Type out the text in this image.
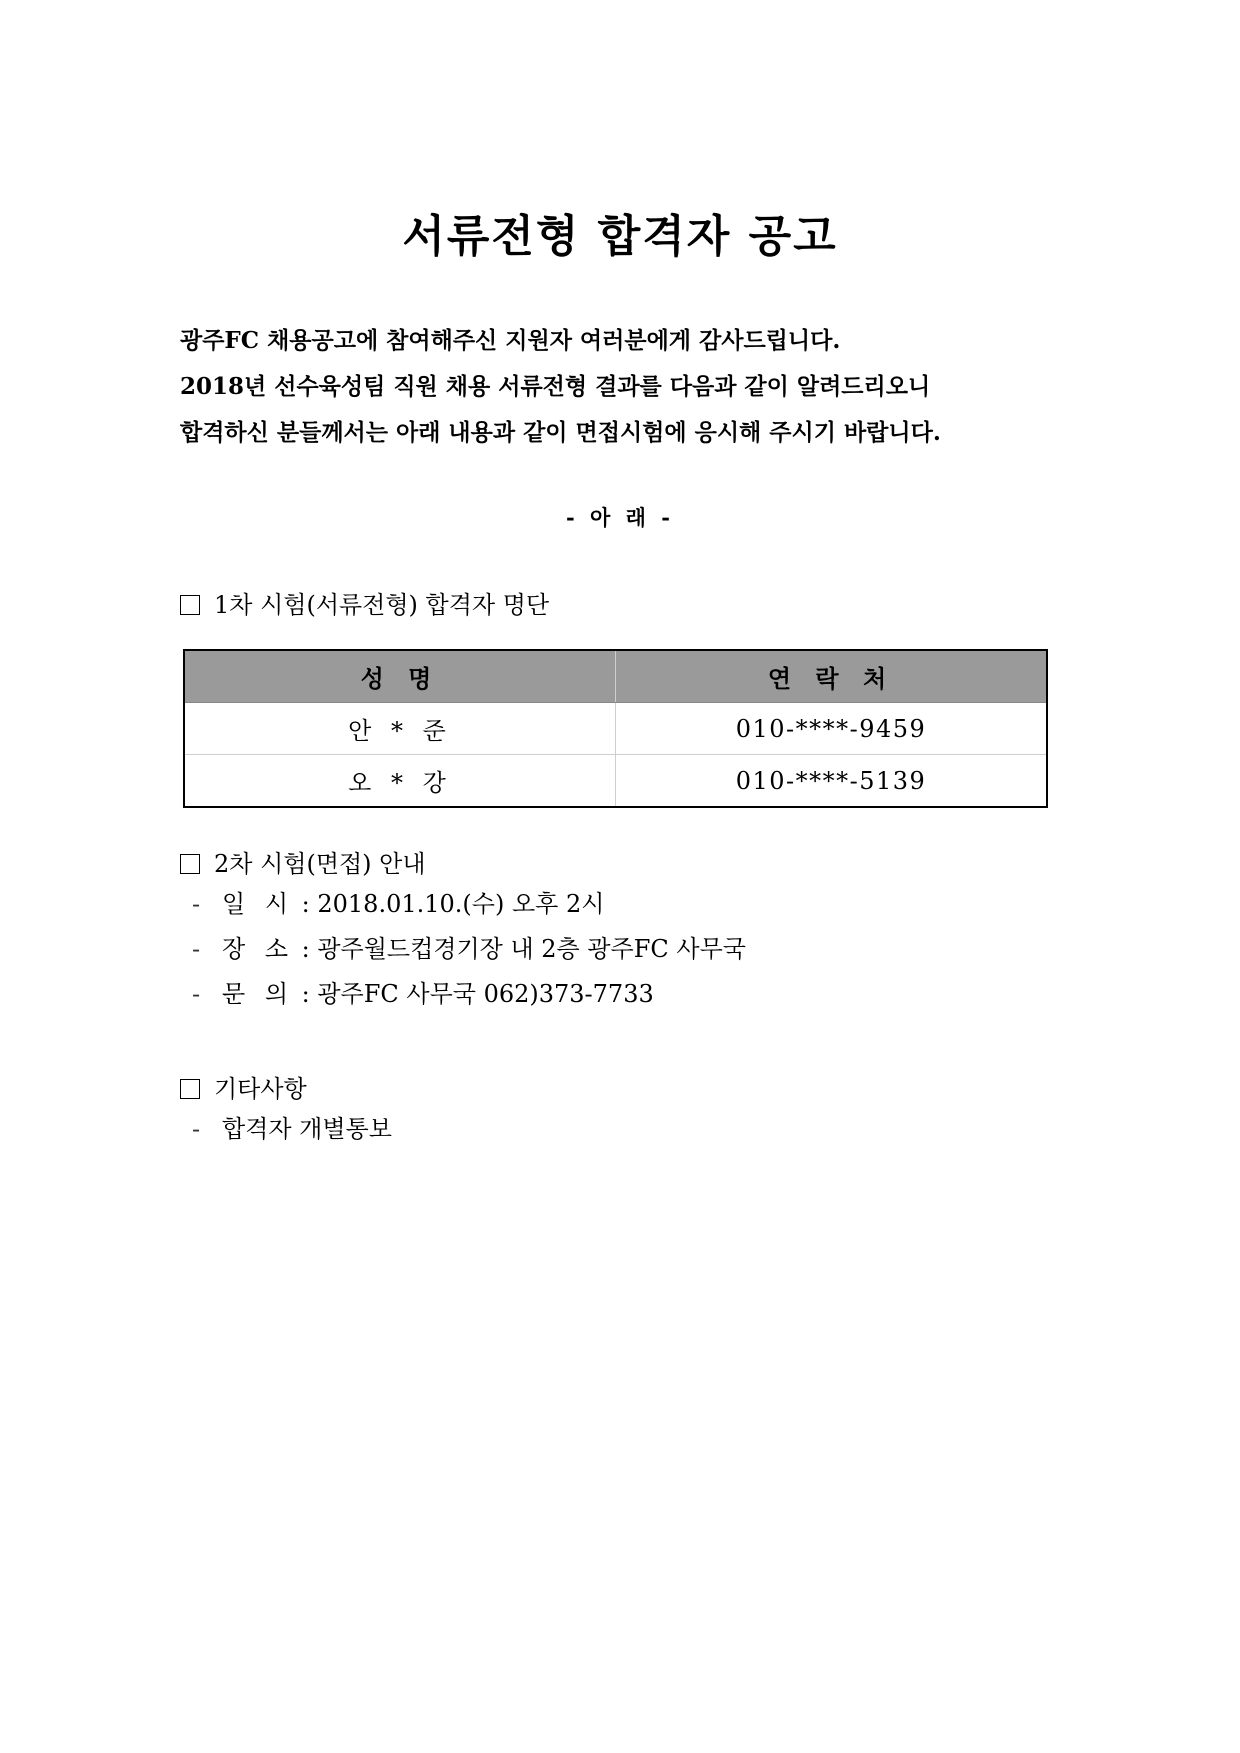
서류전형 합격자 공고

광주FC 채용공고에 참여해주신 지원자 여러분에게 감사드립니다.

2018년 선수육성팀 직원 채용 서류전형 결과를 다음과 같이 알려드리오니

합격하신 분들께서는 아래 내용과 같이 면접시험에 응시해 주시기 바랍니다.

- 아 래 -
1차 시험(서류전형) 합격자 명단
성 명	연 락 처
안 * 준	010-****-9459
오 * 강	010-****-5139
2차 시험(면접) 안내
- 일 시 : 2018.01.10.(수) 오후 2시
- 장 소 : 광주월드컵경기장 내 2층 광주FC 사무국
- 문 의 : 광주FC 사무국 062)373-7733
기타사항
- 합격자 개별통보
